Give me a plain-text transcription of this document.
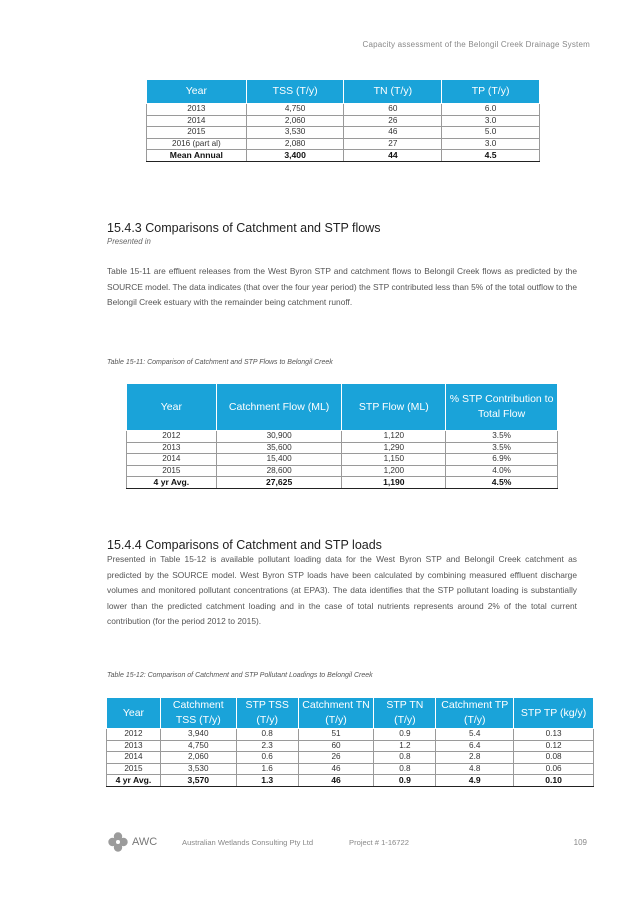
Capacity assessment of the Belongil Creek Drainage System
Year	TSS (T/y)	TN (T/y)	TP (T/y)
2013	4,750	60	6.0
2014	2,060	26	3.0
2015	3,530	46	5.0
2016 (part al)	2,080	27	3.0
Mean Annual	3,400	44	4.5
15.4.3 Comparisons of Catchment and STP flows
Presented in

Table 15-11 are effluent releases from the West Byron STP and catchment flows to Belongil Creek flows as predicted by the SOURCE model. The data indicates (that over the four year period) the STP contributed less than 5% of the total outflow to the Belongil Creek estuary with the remainder being catchment runoff.

Table 15-11: Comparison of Catchment and STP Flows to Belongil Creek
Year	Catchment Flow (ML)	STP Flow (ML)	% STP Contribution to Total Flow
2012	30,900	1,120	3.5%
2013	35,600	1,290	3.5%
2014	15,400	1,150	6.9%
2015	28,600	1,200	4.0%
4 yr Avg.	27,625	1,190	4.5%
15.4.4 Comparisons of Catchment and STP loads

Presented in Table 15-12 is available pollutant loading data for the West Byron STP and Belongil Creek catchment as predicted by the SOURCE model. West Byron STP loads have been calculated by combining measured effluent discharge volumes and monitored pollutant concentrations (at EPA3). The data identifies that the STP pollutant loading is substantially lower than the predicted catchment loading and in the case of total nutrients represents around 2% of the total current contribution (for the period 2012 to 2015).

Table 15-12: Comparison of Catchment and STP Pollutant Loadings to Belongil Creek
Year	Catchment TSS (T/y)	STP TSS (T/y)	Catchment TN (T/y)	STP TN (T/y)	Catchment TP (T/y)	STP TP (kg/y)
2012	3,940	0.8	51	0.9	5.4	0.13
2013	4,750	2.3	60	1.2	6.4	0.12
2014	2,060	0.6	26	0.8	2.8	0.08
2015	3,530	1.6	46	0.8	4.8	0.06
4 yr Avg.	3,570	1.3	46	0.9	4.9	0.10
AWC	Australian Wetlands Consulting Pty Ltd	Project # 1-16722	109
